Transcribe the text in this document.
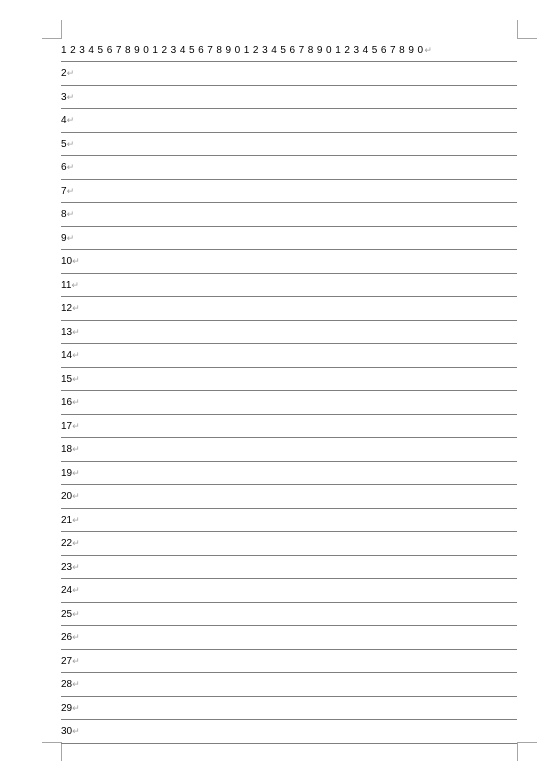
1 2 3 4 5 6 7 8 9 0 1 2 3 4 5 6 7 8 9 0 1 2 3 4 5 6 7 8 9 0 1 2 3 4 5 6 7 8 9 0↵
2↵
3↵
4↵
5↵
6↵
7↵
8↵
9↵
10↵
11↵
12↵
13↵
14↵
15↵
16↵
17↵
18↵
19↵
20↵
21↵
22↵
23↵
24↵
25↵
26↵
27↵
28↵
29↵
30↵
